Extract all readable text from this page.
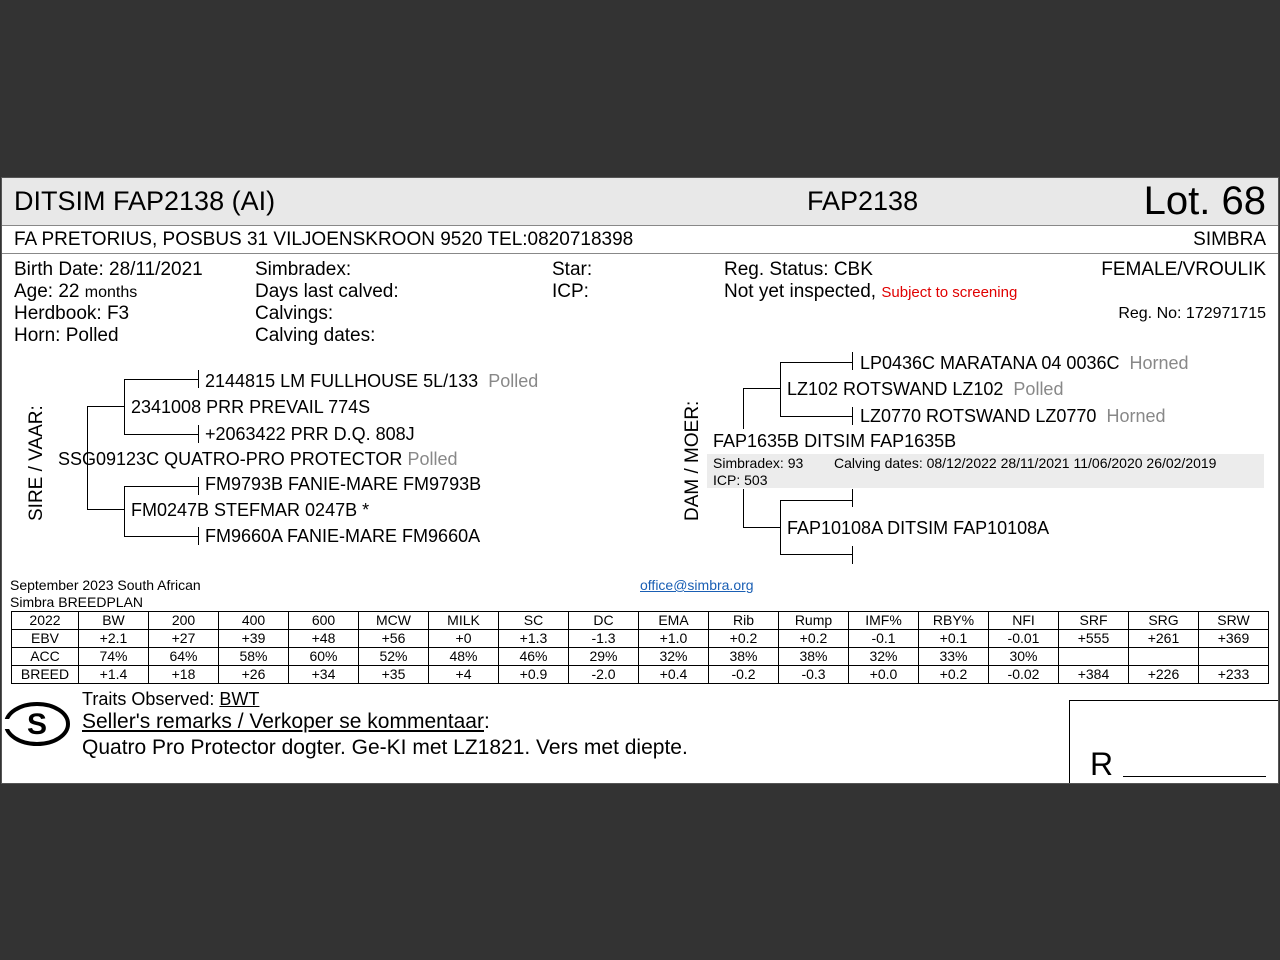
DITSIM FAP2138 (AI)	FAP2138	Lot. 68
FA PRETORIUS, POSBUS 31 VILJOENSKROON 9520 TEL:0820718398	SIMBRA
Birth Date: 28/11/2021
Age: 22 months
Herdbook: F3
Horn: Polled
Simbradex:
Days last calved:
Calvings:
Calving dates:
Star:
ICP:
Reg. Status: CBK
Not yet inspected, Subject to screening
FEMALE/VROULIK
Reg. No: 172971715
SIRE / VAAR:
2144815 LM FULLHOUSE 5L/133 Polled
2341008 PRR PREVAIL 774S
+2063422 PRR D.Q. 808J
SSG09123C QUATRO-PRO PROTECTOR Polled
FM9793B FANIE-MARE FM9793B
FM0247B STEFMAR 0247B *
FM9660A FANIE-MARE FM9660A
DAM / MOER:
LP0436C MARATANA 04 0036C Horned
LZ102 ROTSWAND LZ102 Polled
LZ0770 ROTSWAND LZ0770 Horned
FAP1635B DITSIM FAP1635B
Simbradex: 93 Calving dates: 08/12/2022 28/11/2021 11/06/2020 26/02/2019
ICP: 503
FAP10108A DITSIM FAP10108A
September 2023 South African
Simbra BREEDPLAN
office@simbra.org
2022	BW	200	400	600	MCW	MILK	SC	DC	EMA	Rib	Rump	IMF%	RBY%	NFI	SRF	SRG	SRW
EBV	+2.1	+27	+39	+48	+56	+0	+1.3	-1.3	+1.0	+0.2	+0.2	-0.1	+0.1	-0.01	+555	+261	+369
ACC	74%	64%	58%	60%	52%	48%	46%	29%	32%	38%	38%	32%	33%	30%			
BREED	+1.4	+18	+26	+34	+35	+4	+0.9	-2.0	+0.4	-0.2	-0.3	+0.0	+0.2	-0.02	+384	+226	+233
S
Traits Observed: BWT
Seller's remarks / Verkoper se kommentaar:
Quatro Pro Protector dogter. Ge-KI met LZ1821. Vers met diepte.	R
